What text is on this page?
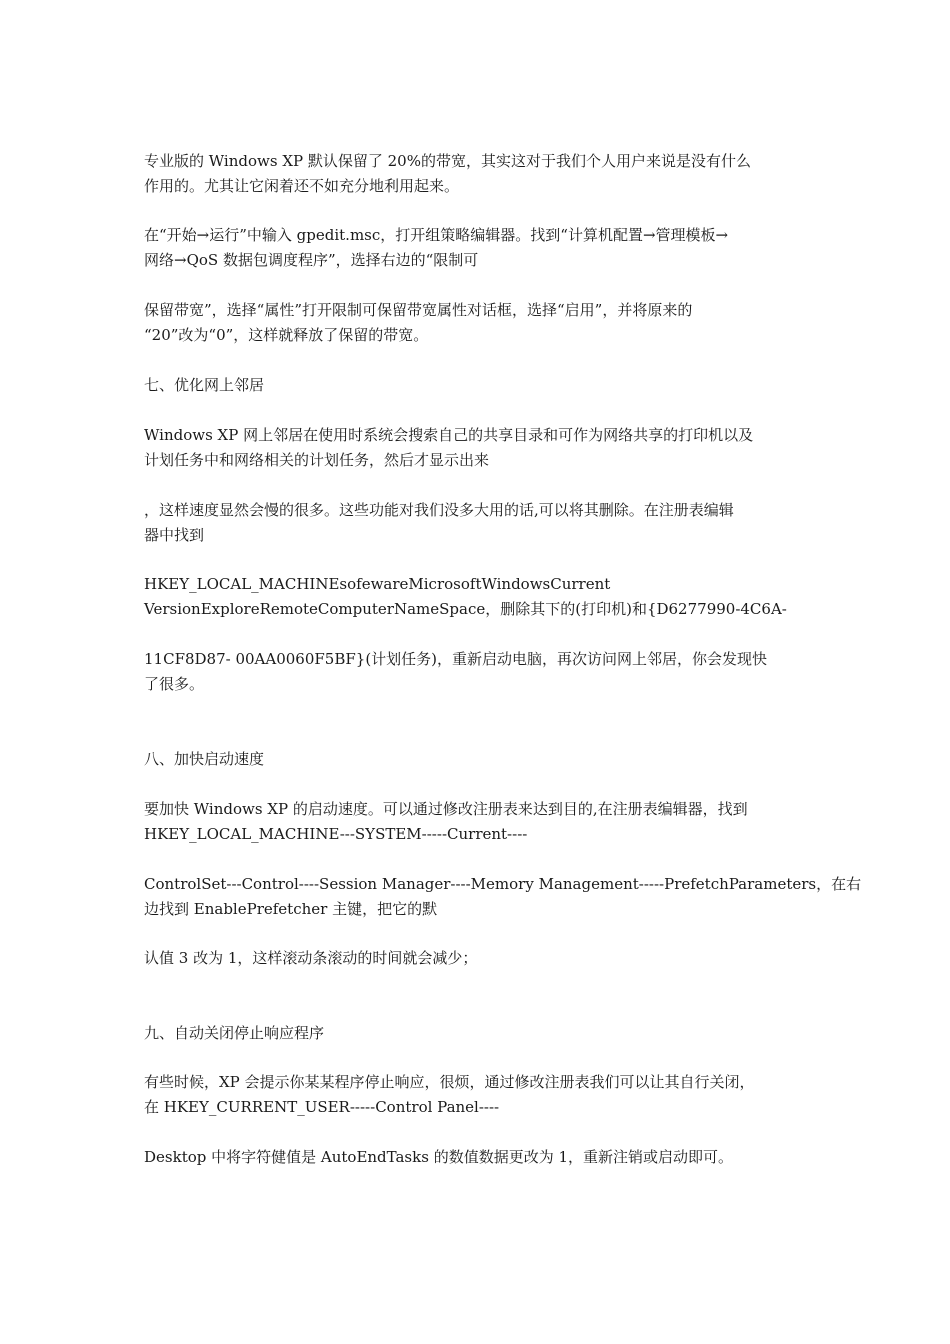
专业版的 Windows XP 默认保留了 20%的带宽，其实这对于我们个人用户来说是没有什么
作用的。尤其让它闲着还不如充分地利用起来。
在“开始→运行”中输入 gpedit.msc，打开组策略编辑器。找到“计算机配置→管理模板→
网络→QoS 数据包调度程序”，选择右边的“限制可
保留带宽”，选择“属性”打开限制可保留带宽属性对话框，选择“启用”，并将原来的
“20”改为“0”，这样就释放了保留的带宽。
七、优化网上邻居
Windows XP 网上邻居在使用时系统会搜索自己的共享目录和可作为网络共享的打印机以及
计划任务中和网络相关的计划任务，然后才显示出来
，这样速度显然会慢的很多。这些功能对我们没多大用的话,可以将其删除。在注册表编辑
器中找到
HKEY_LOCAL_MACHINEsofewareMicrosoftWindowsCurrent
VersionExploreRemoteComputerNameSpace，删除其下的(打印机)和{D6277990-4C6A-
11CF8D87- 00AA0060F5BF}(计划任务)，重新启动电脑，再次访问网上邻居，你会发现快
了很多。
八、加快启动速度
要加快 Windows XP 的启动速度。可以通过修改注册表来达到目的,在注册表编辑器，找到
HKEY_LOCAL_MACHINE---SYSTEM-----Current----
ControlSet---Control----Session Manager----Memory Management-----PrefetchParameters，在右
边找到 EnablePrefetcher 主键，把它的默
认值 3 改为 1，这样滚动条滚动的时间就会减少；
九、自动关闭停止响应程序
有些时候，XP 会提示你某某程序停止响应，很烦，通过修改注册表我们可以让其自行关闭，
在 HKEY_CURRENT_USER-----Control Panel----
Desktop 中将字符健值是 AutoEndTasks 的数值数据更改为 1，重新注销或启动即可。
